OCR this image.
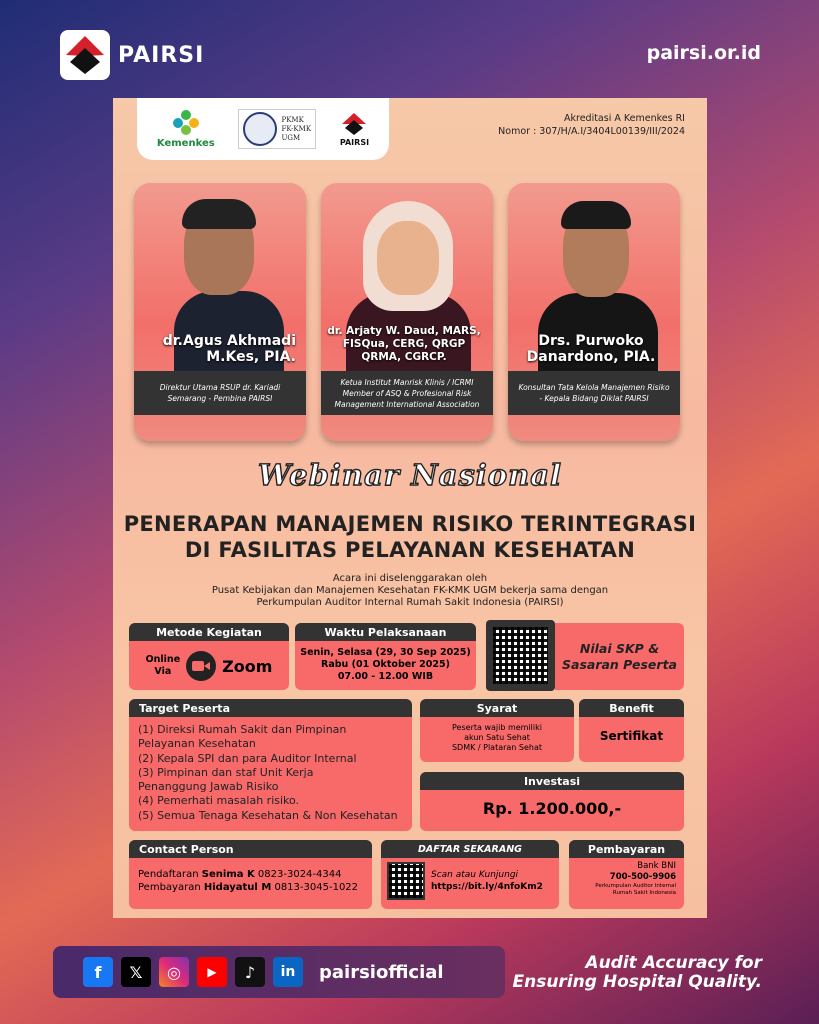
PAIRSI	pairsi.or.id
Kemenkes
PKMK
FK-KMK
UGM	PAIRSI
Akreditasi A Kemenkes RI
Nomor : 307/H/A.I/3404L00139/III/2024
dr.Agus Akhmadi
M.Kes, PIA.
Direktur Utama RSUP dr. Kariadi Semarang - Pembina PAIRSI
dr. Arjaty W. Daud, MARS,
FISQua, CERG, QRGP
QRMA, CGRCP.
Ketua Institut Manrisk Klinis / ICRMI Member of ASQ & Profesional Risk Management International Association
Drs. Purwoko
Danardono, PIA.
Konsultan Tata Kelola Manajemen Risiko - Kepala Bidang Diklat PAIRSI
Webinar Nasional
PENERAPAN MANAJEMEN RISIKO TERINTEGRASI
DI FASILITAS PELAYANAN KESEHATAN
Acara ini diselenggarakan oleh
Pusat Kebijakan dan Manajemen Kesehatan FK-KMK UGM bekerja sama dengan
Perkumpulan Auditor Internal Rumah Sakit Indonesia (PAIRSI)
Metode Kegiatan
Online
Via	Zoom
Waktu Pelaksanaan
Senin, Selasa (29, 30 Sep 2025)
Rabu (01 Oktober 2025)
07.00 - 12.00 WIB
Nilai SKP &
Sasaran Peserta
Target Peserta
(1) Direksi Rumah Sakit dan Pimpinan
Pelayanan Kesehatan
(2) Kepala SPI dan para Auditor Internal
(3) Pimpinan dan staf Unit Kerja
Penanggung Jawab Risiko
(4) Pemerhati masalah risiko.
(5) Semua Tenaga Kesehatan & Non Kesehatan
Syarat
Peserta wajib memiliki
akun Satu Sehat
SDMK / Plataran Sehat
Benefit
Sertifikat
Investasi
Rp. 1.200.000,-
Contact Person
Pendaftaran Senima K 0823-3024-4344
Pembayaran Hidayatul M 0813-3045-1022
DAFTAR SEKARANG
Scan atau Kunjungi
https://bit.ly/4nfoKm2
Pembayaran
Bank BNI
700-500-9906
Perkumpulan Auditor Internal
Rumah Sakit Indonesia
f	𝕏	◎	▶	♪	in	pairsiofficial	Audit Accuracy for
Ensuring Hospital Quality.
